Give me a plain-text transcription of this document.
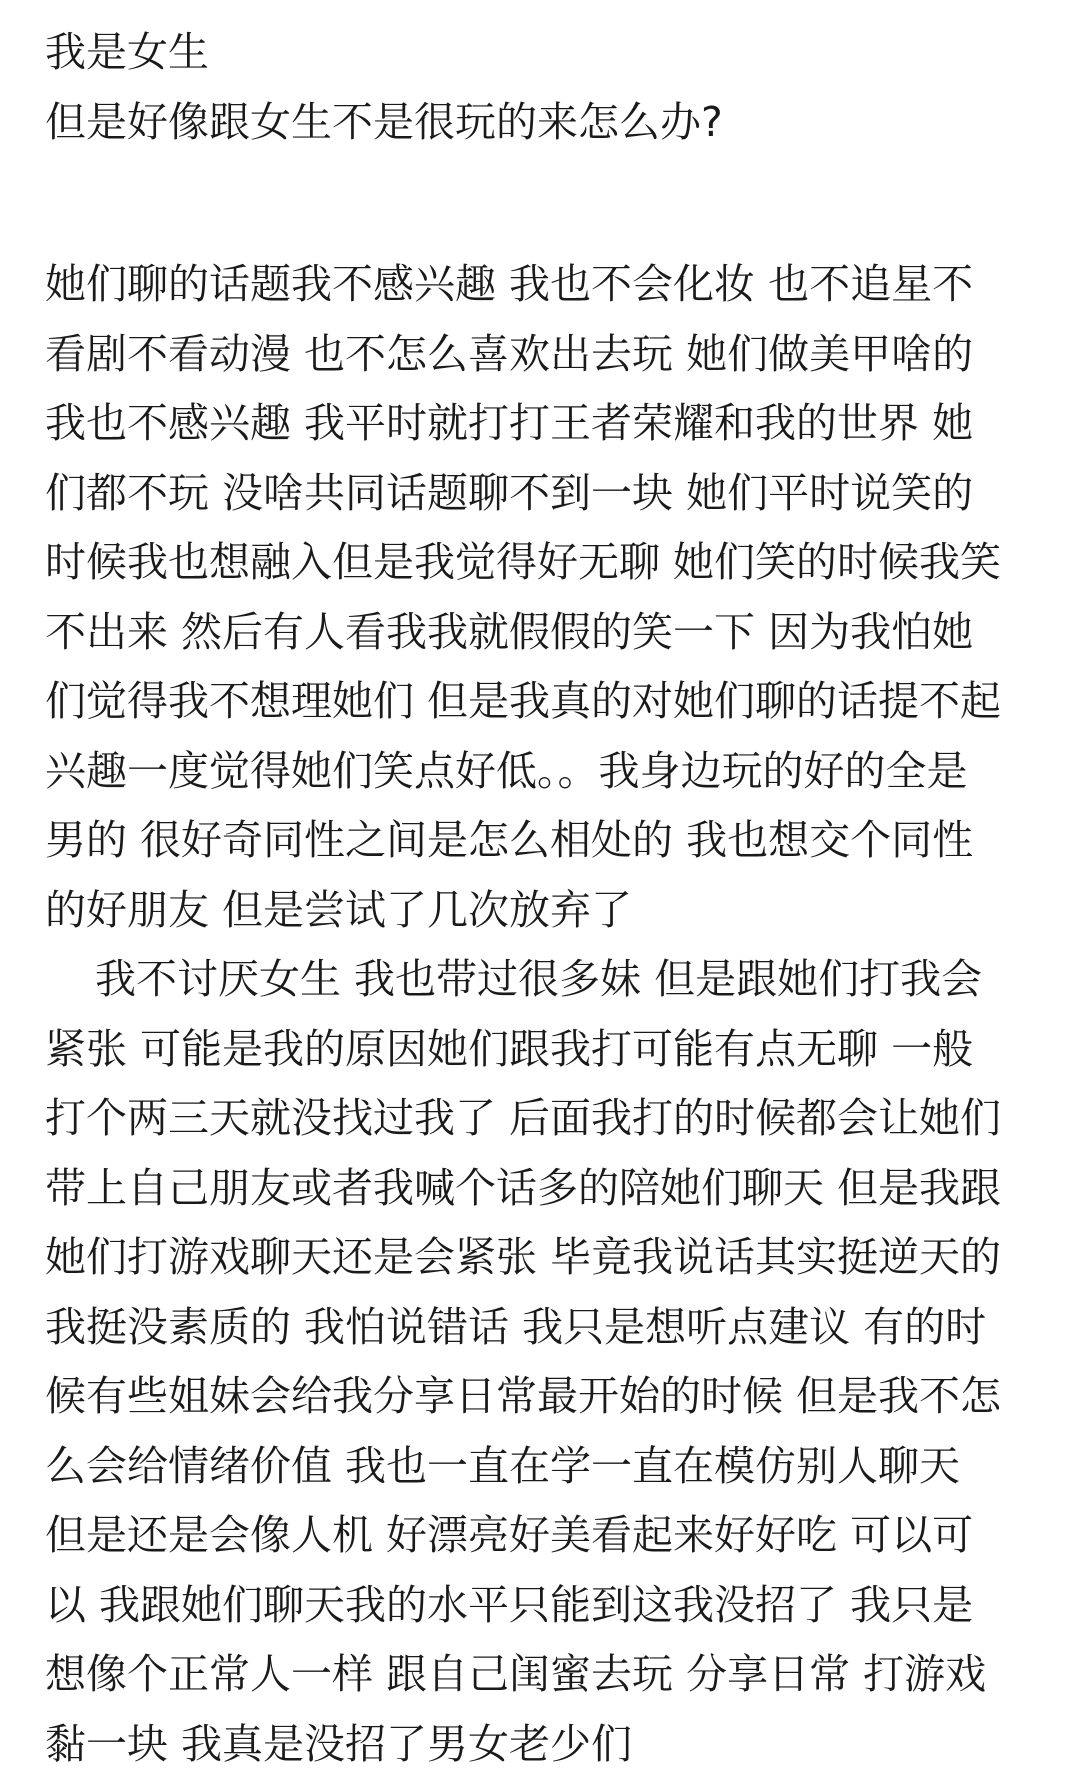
我是女生
但是好像跟女生不是很玩的来怎么办?
她们聊的话题我不感兴趣 我也不会化妆 也不追星不
看剧不看动漫 也不怎么喜欢出去玩 她们做美甲啥的
我也不感兴趣 我平时就打打王者荣耀和我的世界 她
们都不玩 没啥共同话题聊不到一块 她们平时说笑的
时候我也想融入但是我觉得好无聊 她们笑的时候我笑
不出来 然后有人看我我就假假的笑一下 因为我怕她
们觉得我不想理她们 但是我真的对她们聊的话提不起
兴趣一度觉得她们笑点好低。。我身边玩的好的全是
男的 很好奇同性之间是怎么相处的 我也想交个同性
的好朋友 但是尝试了几次放弃了
我不讨厌女生 我也带过很多妹 但是跟她们打我会
紧张 可能是我的原因她们跟我打可能有点无聊 一般
打个两三天就没找过我了 后面我打的时候都会让她们
带上自己朋友或者我喊个话多的陪她们聊天 但是我跟
她们打游戏聊天还是会紧张 毕竟我说话其实挺逆天的
我挺没素质的 我怕说错话 我只是想听点建议 有的时
候有些姐妹会给我分享日常最开始的时候 但是我不怎
么会给情绪价值 我也一直在学一直在模仿别人聊天
但是还是会像人机 好漂亮好美看起来好好吃 可以可
以 我跟她们聊天我的水平只能到这我没招了 我只是
想像个正常人一样 跟自己闺蜜去玩 分享日常 打游戏
黏一块 我真是没招了男女老少们
